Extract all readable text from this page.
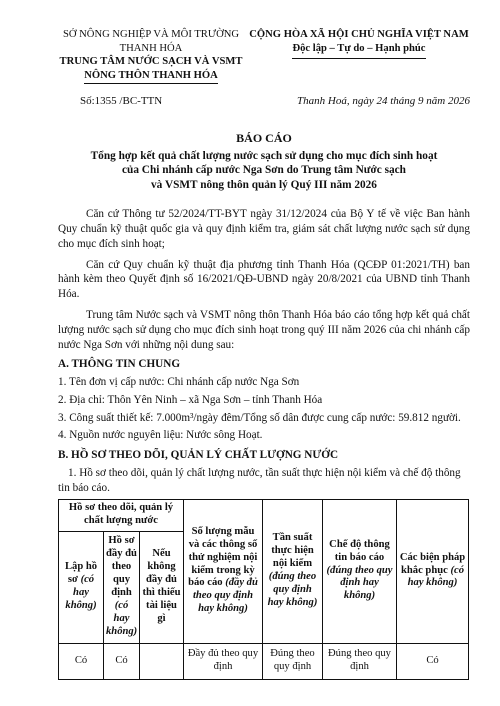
SỞ NÔNG NGHIỆP VÀ MÔI TRƯỜNG
THANH HÓA
TRUNG TÂM NƯỚC SẠCH VÀ VSMT
NÔNG THÔN THANH HÓA
CỘNG HÒA XÃ HỘI CHỦ NGHĨA VIỆT NAM
Độc lập – Tự do – Hạnh phúc
Số:1355 /BC-TTN	Thanh Hoá, ngày 24 tháng 9 năm 2026
BÁO CÁO
Tổng hợp kết quả chất lượng nước sạch sử dụng cho mục đích sinh hoạt
của Chi nhánh cấp nước Nga Sơn do Trung tâm Nước sạch
và VSMT nông thôn quản lý Quý III năm 2026
Căn cứ Thông tư 52/2024/TT-BYT ngày 31/12/2024 của Bộ Y tế về việc Ban hành Quy chuẩn kỹ thuật quốc gia và quy định kiểm tra, giám sát chất lượng nước sạch sử dụng cho mục đích sinh hoạt;
Căn cứ Quy chuẩn kỹ thuật địa phương tỉnh Thanh Hóa (QCĐP 01:2021/TH) ban hành kèm theo Quyết định số 16/2021/QĐ-UBND ngày 20/8/2021 của UBND tỉnh Thanh Hóa.
Trung tâm Nước sạch và VSMT nông thôn Thanh Hóa báo cáo tổng hợp kết quả chất lượng nước sạch sử dụng cho mục đích sinh hoạt trong quý III năm 2026 của chi nhánh cấp nước Nga Sơn với những nội dung sau:
A. THÔNG TIN CHUNG
1. Tên đơn vị cấp nước: Chi nhánh cấp nước Nga Sơn
2. Địa chỉ: Thôn Yên Ninh – xã Nga Sơn – tỉnh Thanh Hóa
3. Công suất thiết kế: 7.000m³/ngày đêm/Tổng số dân được cung cấp nước: 59.812 người.
4. Nguồn nước nguyên liệu: Nước sông Hoạt.
B. HỒ SƠ THEO DÕI, QUẢN LÝ CHẤT LƯỢNG NƯỚC
1. Hồ sơ theo dõi, quản lý chất lượng nước, tần suất thực hiện nội kiểm và chế độ thông tin báo cáo.
Hồ sơ theo dõi, quản lý chất lượng nước			Số lượng mẫu và các thông số thử nghiệm nội kiểm trong kỳ báo cáo (đầy đủ theo quy định hay không)	Tần suất thực hiện nội kiểm (đúng theo quy định hay không)	Chế độ thông tin báo cáo (đúng theo quy định hay không)	Các biện pháp khắc phục (có hay không)
Lập hồ sơ (có hay không)	Hồ sơ đầy đủ theo quy định (có hay không)	Nếu không đầy đủ thì thiếu tài liệu gì				
Có	Có		Đầy đủ theo quy định	Đúng theo quy định	Đúng theo quy định	Có
